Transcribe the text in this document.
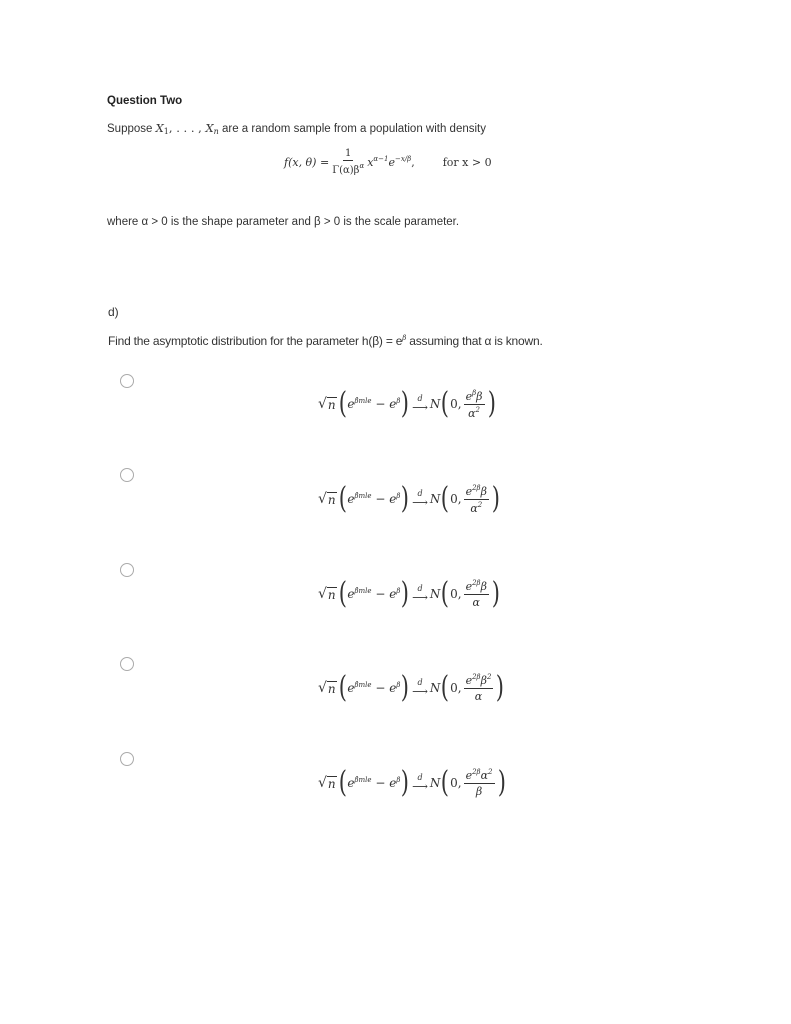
Question Two
Suppose X1, . . . , Xn are a random sample from a population with density
f(x, $\theta) = \frac{1}{\Gamma(\alpha)\beta^\alpha} x^{\alpha-1}e^{-x/\beta}$,	for x > 0
where α > 0 is the shape parameter and β > 0 is the scale parameter.
d)
Find the asymptotic distribution for the parameter $h(\beta) = e^\beta$ assuming that α is known.
√ n ( $e^{\betâmle} - e^\beta$ ) d
⟶ N ( 0, $\frac{e^\beta\beta}{\alpha^2}$ )
√ n ( $e^{\betâmle} - e^\beta$ ) d
⟶ N ( 0, $\frac{e^{2\beta}\beta}{\alpha^2}$ )
√ n ( $e^{\betâmle} - e^\beta$ ) d
⟶ N ( 0, $\frac{e^{2\beta}\beta}{\alpha}$ )
√ n ( $e^{\betâmle} - e^\beta$ ) d
⟶ N ( 0, $\frac{e^{2\beta}\beta^2}{\alpha}$ )
√ n ( $e^{\betâmle} - e^\beta$ ) d
⟶ N ( 0, $\frac{e^{2\beta}\alpha^2}{\beta}$ )
